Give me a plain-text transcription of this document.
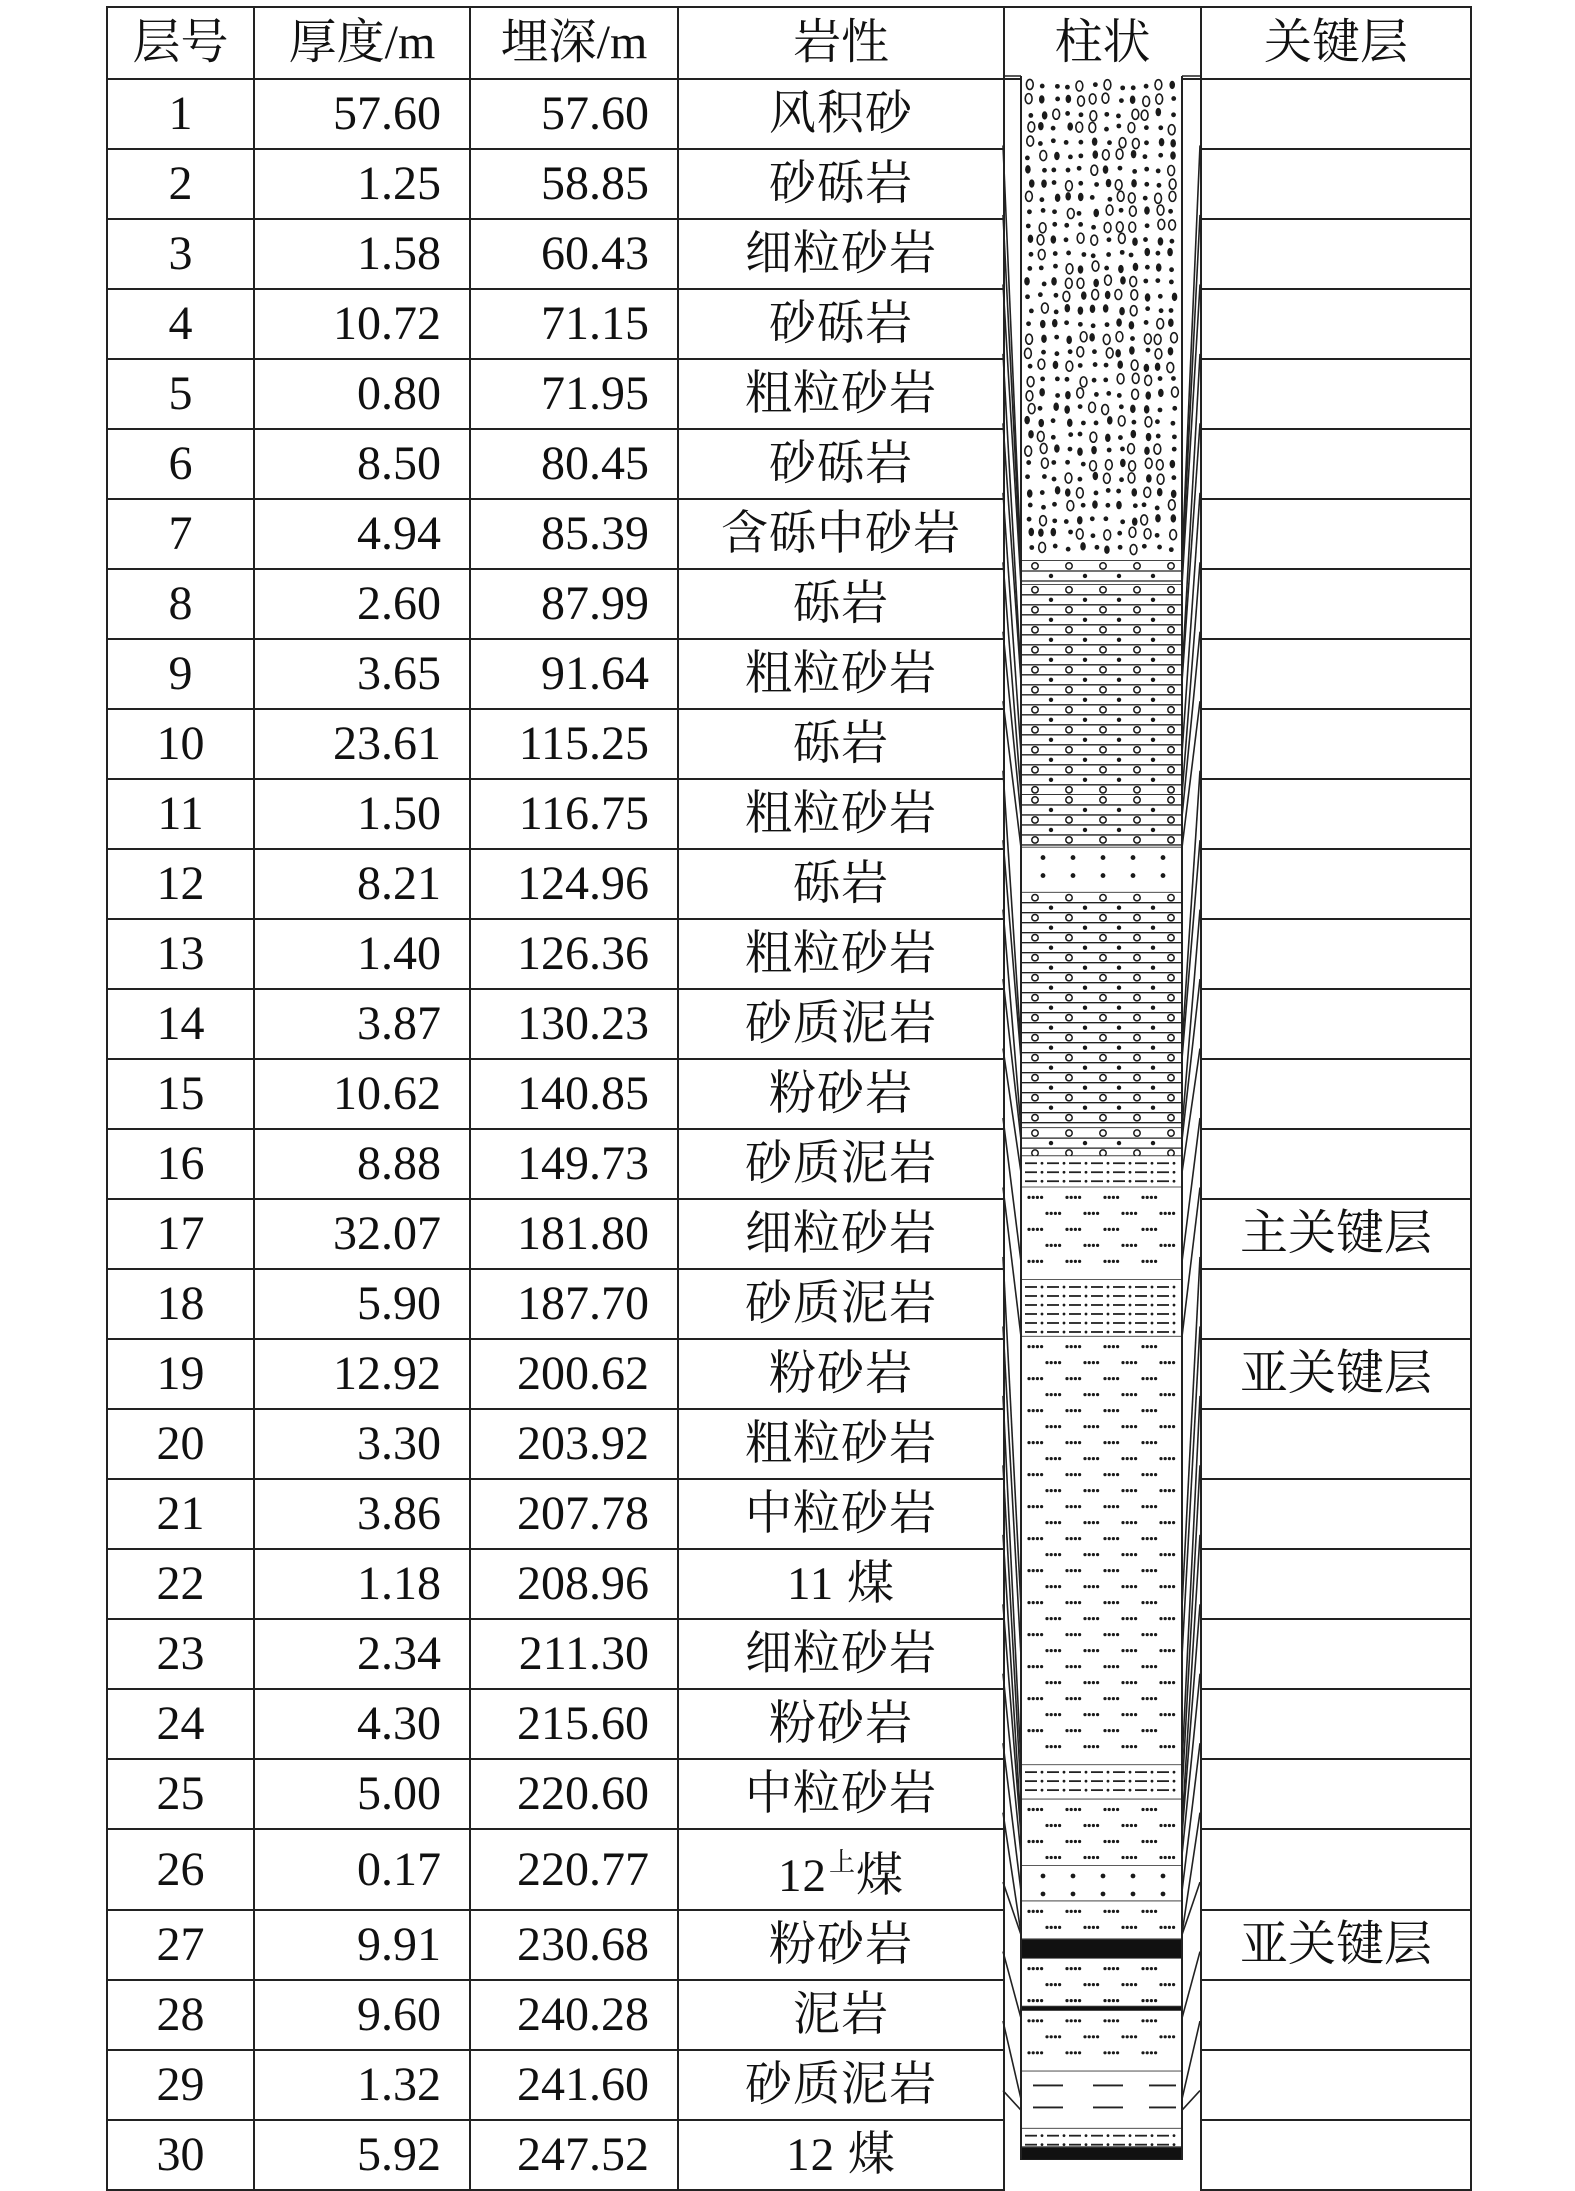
层号	厚度/m	埋深/m	岩性	柱状	关键层
1	57.60	57.60	风积砂		
2	1.25	58.85	砂砾岩		
3	1.58	60.43	细粒砂岩		
4	10.72	71.15	砂砾岩		
5	0.80	71.95	粗粒砂岩		
6	8.50	80.45	砂砾岩		
7	4.94	85.39	含砾中砂岩		
8	2.60	87.99	砾岩		
9	3.65	91.64	粗粒砂岩		
10	23.61	115.25	砾岩		
11	1.50	116.75	粗粒砂岩		
12	8.21	124.96	砾岩		
13	1.40	126.36	粗粒砂岩		
14	3.87	130.23	砂质泥岩		
15	10.62	140.85	粉砂岩		
16	8.88	149.73	砂质泥岩		
17	32.07	181.80	细粒砂岩		主关键层
18	5.90	187.70	砂质泥岩		
19	12.92	200.62	粉砂岩		亚关键层
20	3.30	203.92	粗粒砂岩		
21	3.86	207.78	中粒砂岩		
22	1.18	208.96	11 煤		
23	2.34	211.30	细粒砂岩		
24	4.30	215.60	粉砂岩		
25	5.00	220.60	中粒砂岩		
26	0.17	220.77	$12^上$煤		
27	9.91	230.68	粉砂岩		亚关键层
28	9.60	240.28	泥岩		
29	1.32	241.60	砂质泥岩		
30	5.92	247.52	12 煤		
